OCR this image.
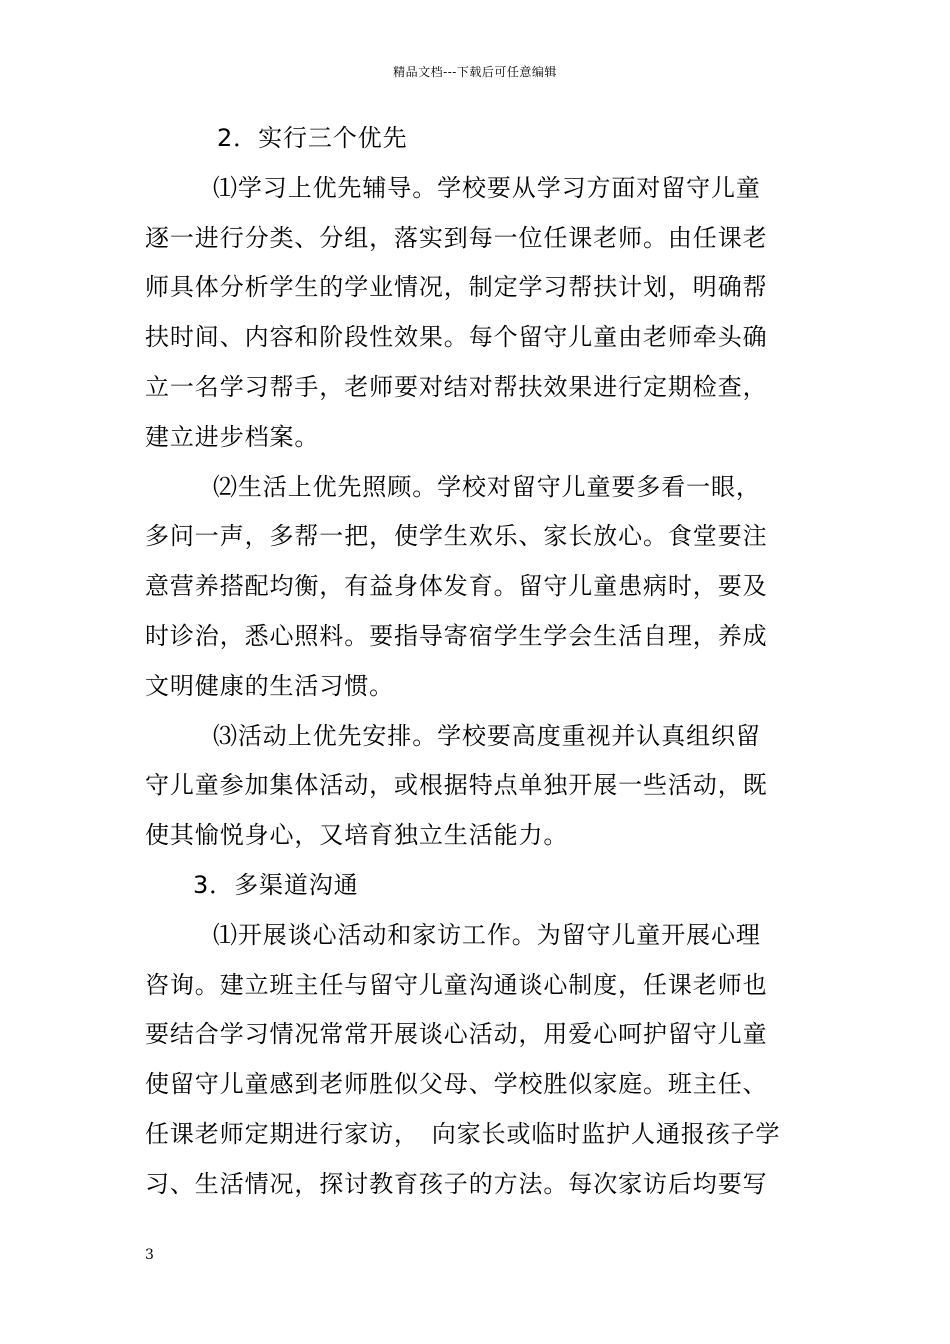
精品文档---下载后可任意编辑

2．实行三个优先

⑴学习上优先辅导。学校要从学习方面对留守儿童

逐一进行分类、分组，落实到每一位任课老师。由任课老

师具体分析学生的学业情况，制定学习帮扶计划，明确帮

扶时间、内容和阶段性效果。每个留守儿童由老师牵头确

立一名学习帮手，老师要对结对帮扶效果进行定期检查，

建立进步档案。

⑵生活上优先照顾。学校对留守儿童要多看一眼，

多问一声，多帮一把，使学生欢乐、家长放心。食堂要注

意营养搭配均衡，有益身体发育。留守儿童患病时，要及

时诊治，悉心照料。要指导寄宿学生学会生活自理，养成

文明健康的生活习惯。

⑶活动上优先安排。学校要高度重视并认真组织留

守儿童参加集体活动，或根据特点单独开展一些活动，既

使其愉悦身心，又培育独立生活能力。

3．多渠道沟通

⑴开展谈心活动和家访工作。为留守儿童开展心理

咨询。建立班主任与留守儿童沟通谈心制度，任课老师也

要结合学习情况常常开展谈心活动，用爱心呵护留守儿童

使留守儿童感到老师胜似父母、学校胜似家庭。班主任、

任课老师定期进行家访，　向家长或临时监护人通报孩子学

习、生活情况，探讨教育孩子的方法。每次家访后均要写

3
